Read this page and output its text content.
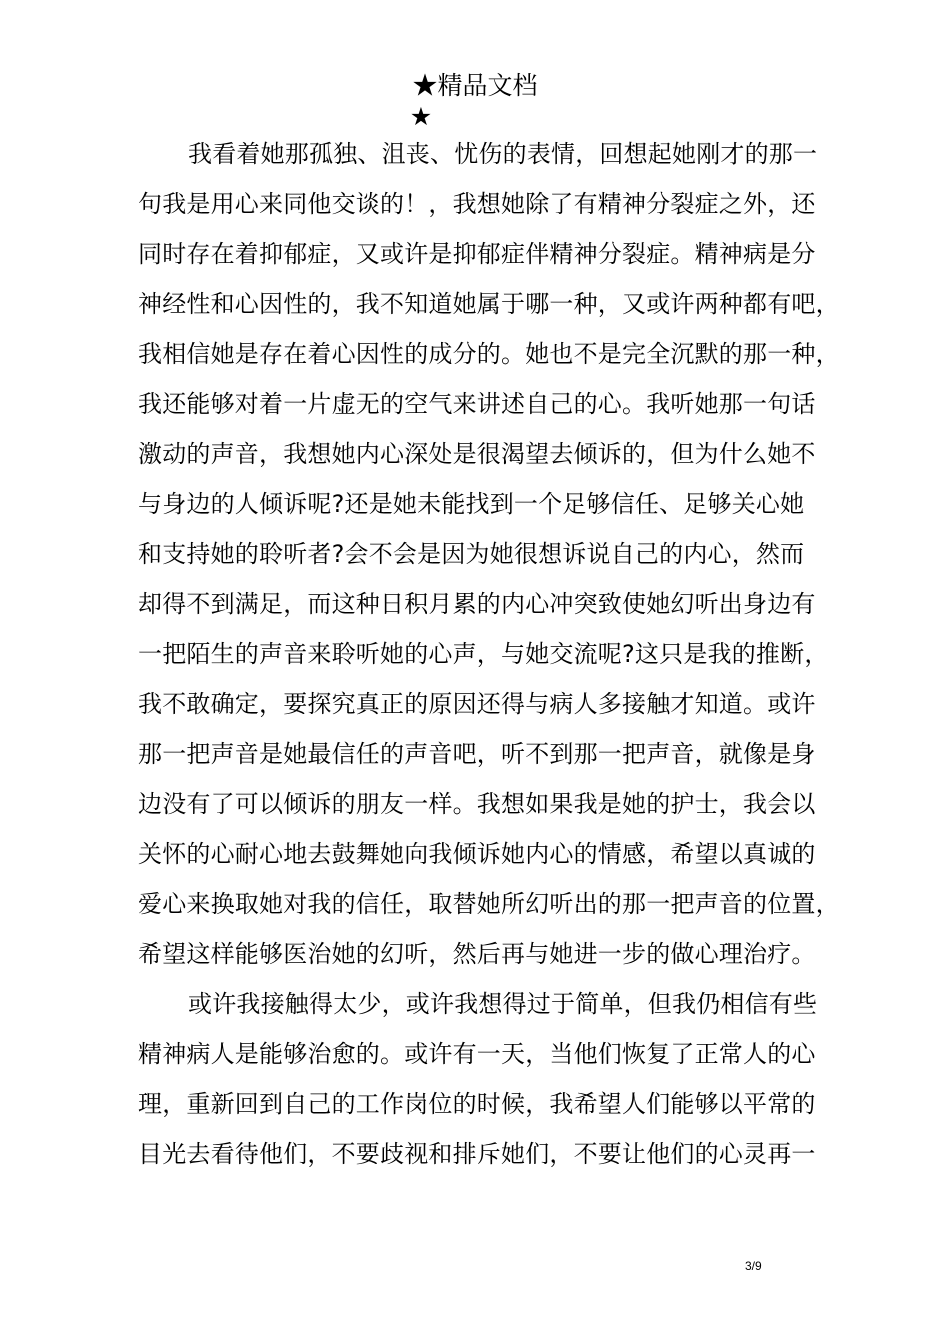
★精品文档
★
我看着她那孤独、沮丧、忧伤的表情，回想起她刚才的那一
句我是用心来同他交谈的！，我想她除了有精神分裂症之外，还
同时存在着抑郁症，又或许是抑郁症伴精神分裂症。精神病是分
神经性和心因性的，我不知道她属于哪一种，又或许两种都有吧，
我相信她是存在着心因性的成分的。她也不是完全沉默的那一种，
我还能够对着一片虚无的空气来讲述自己的心。我听她那一句话
激动的声音，我想她内心深处是很渴望去倾诉的，但为什么她不
与身边的人倾诉呢?还是她未能找到一个足够信任、足够关心她
和支持她的聆听者?会不会是因为她很想诉说自己的内心，然而
却得不到满足，而这种日积月累的内心冲突致使她幻听出身边有
一把陌生的声音来聆听她的心声，与她交流呢?这只是我的推断，
我不敢确定，要探究真正的原因还得与病人多接触才知道。或许
那一把声音是她最信任的声音吧，听不到那一把声音，就像是身
边没有了可以倾诉的朋友一样。我想如果我是她的护士，我会以
关怀的心耐心地去鼓舞她向我倾诉她内心的情感，希望以真诚的
爱心来换取她对我的信任，取替她所幻听出的那一把声音的位置，
希望这样能够医治她的幻听，然后再与她进一步的做心理治疗。
或许我接触得太少，或许我想得过于简单，但我仍相信有些
精神病人是能够治愈的。或许有一天，当他们恢复了正常人的心
理，重新回到自己的工作岗位的时候，我希望人们能够以平常的
目光去看待他们，不要歧视和排斥她们，不要让他们的心灵再一
3/9
